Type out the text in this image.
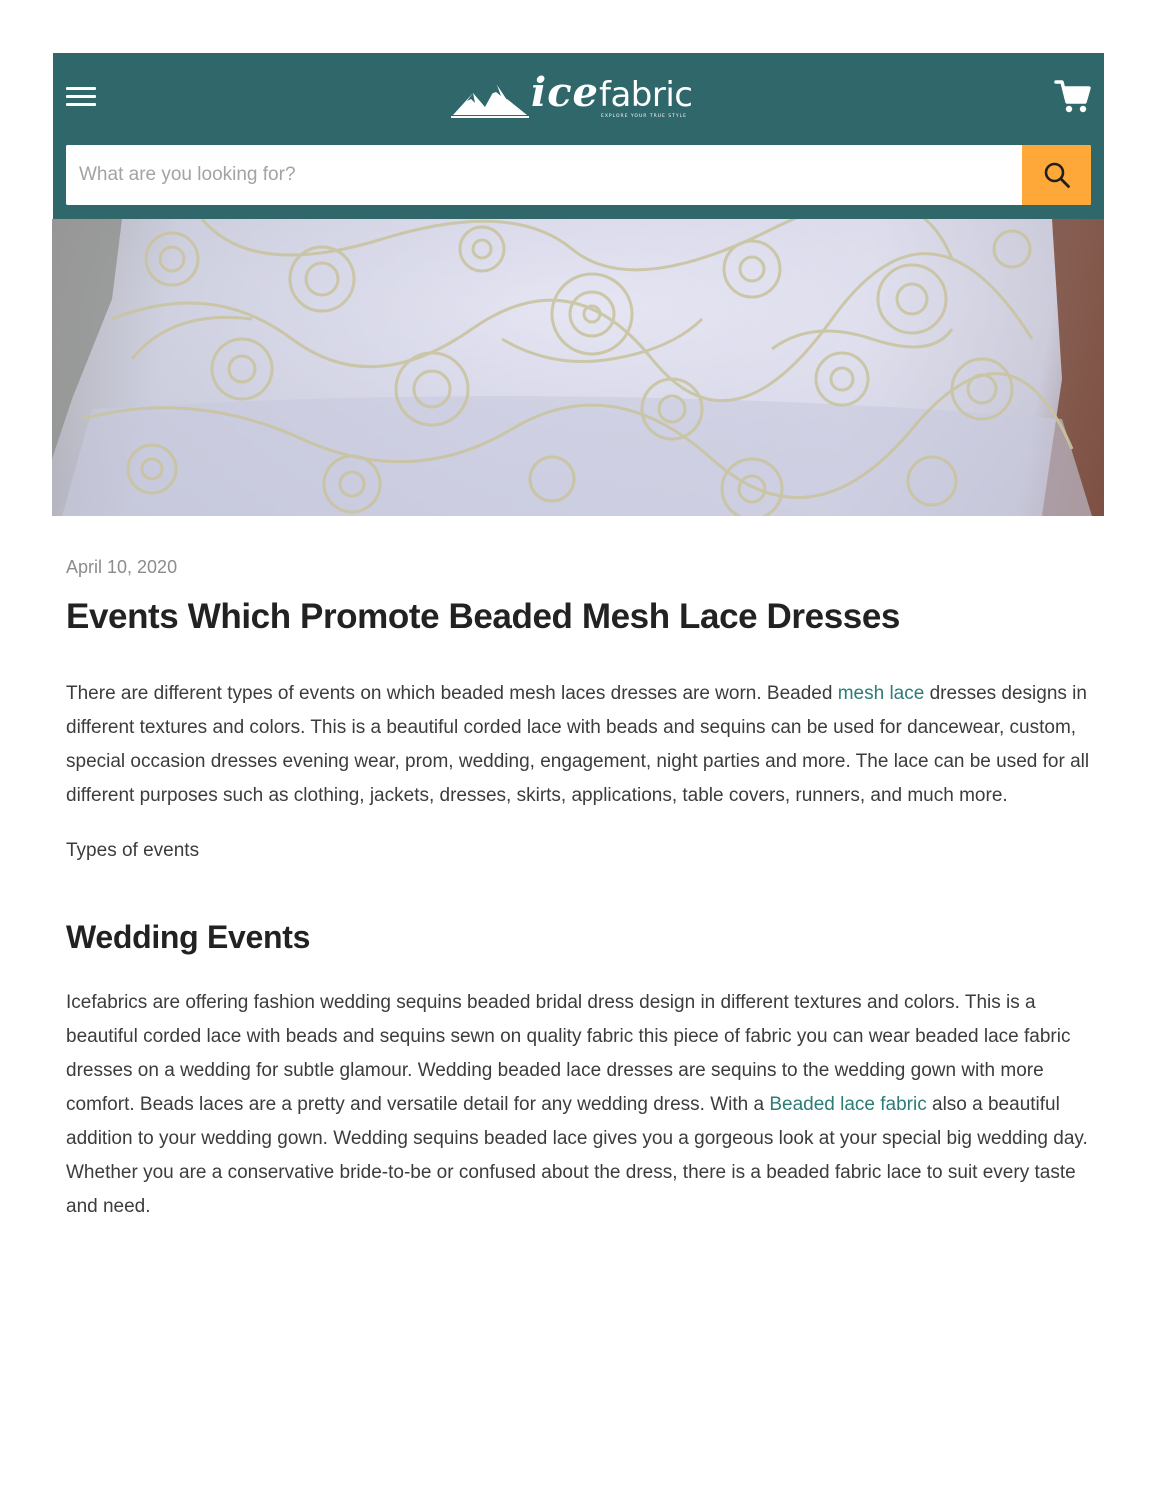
icefabric
EXPLORE YOUR TRUE STYLE
What are you looking for?

April 10, 2020

Events Which Promote Beaded Mesh Lace Dresses

There are different types of events on which beaded mesh laces dresses are worn. Beaded mesh lace dresses designs in different textures and colors. This is a beautiful corded lace with beads and sequins can be used for dancewear, custom, special occasion dresses evening wear, prom, wedding, engagement, night parties and more. The lace can be used for all different purposes such as clothing, jackets, dresses, skirts, applications, table covers, runners, and much more.

Types of events

Wedding Events

Icefabrics are offering fashion wedding sequins beaded bridal dress design in different textures and colors. This is a beautiful corded lace with beads and sequins sewn on quality fabric this piece of fabric you can wear beaded lace fabric dresses on a wedding for subtle glamour. Wedding beaded lace dresses are sequins to the wedding gown with more comfort. Beads laces are a pretty and versatile detail for any wedding dress. With a Beaded lace fabric also a beautiful addition to your wedding gown. Wedding sequins beaded lace gives you a gorgeous look at your special big wedding day. Whether you are a conservative bride-to-be or confused about the dress, there is a beaded fabric lace to suit every taste and need.
